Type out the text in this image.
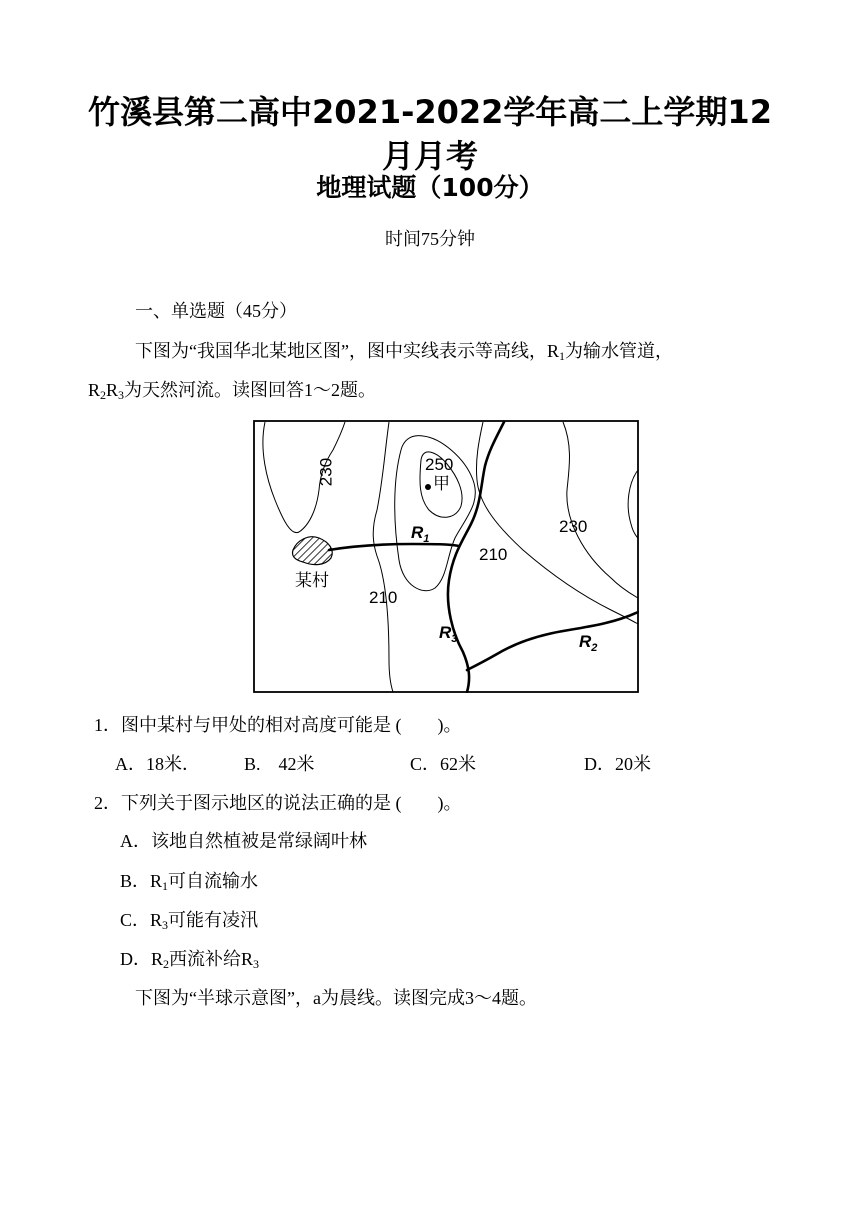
竹溪县第二高中2021-2022学年高二上学期12月月考
地理试题（100分）
时间75分钟
一、单选题（45分）
下图为“我国华北某地区图”，图中实线表示等高线，$R_1$为输水管道，
$R_2R_3$为天然河流。读图回答1～2题。
230	250
甲
$R_1$
某村
210
230
210
$R_3$	$R_2$
1．图中某村与甲处的相对高度可能是 (　　)。
A．18米． B.　42米	C．62米	D．20米
2．下列关于图示地区的说法正确的是 (　　)。
A．该地自然植被是常绿阔叶林
B．$R_1$可自流输水
C．$R_3$可能有凌汛
D．$R_2$西流补给$R_3$
下图为“半球示意图”，a为晨线。读图完成3～4题。
